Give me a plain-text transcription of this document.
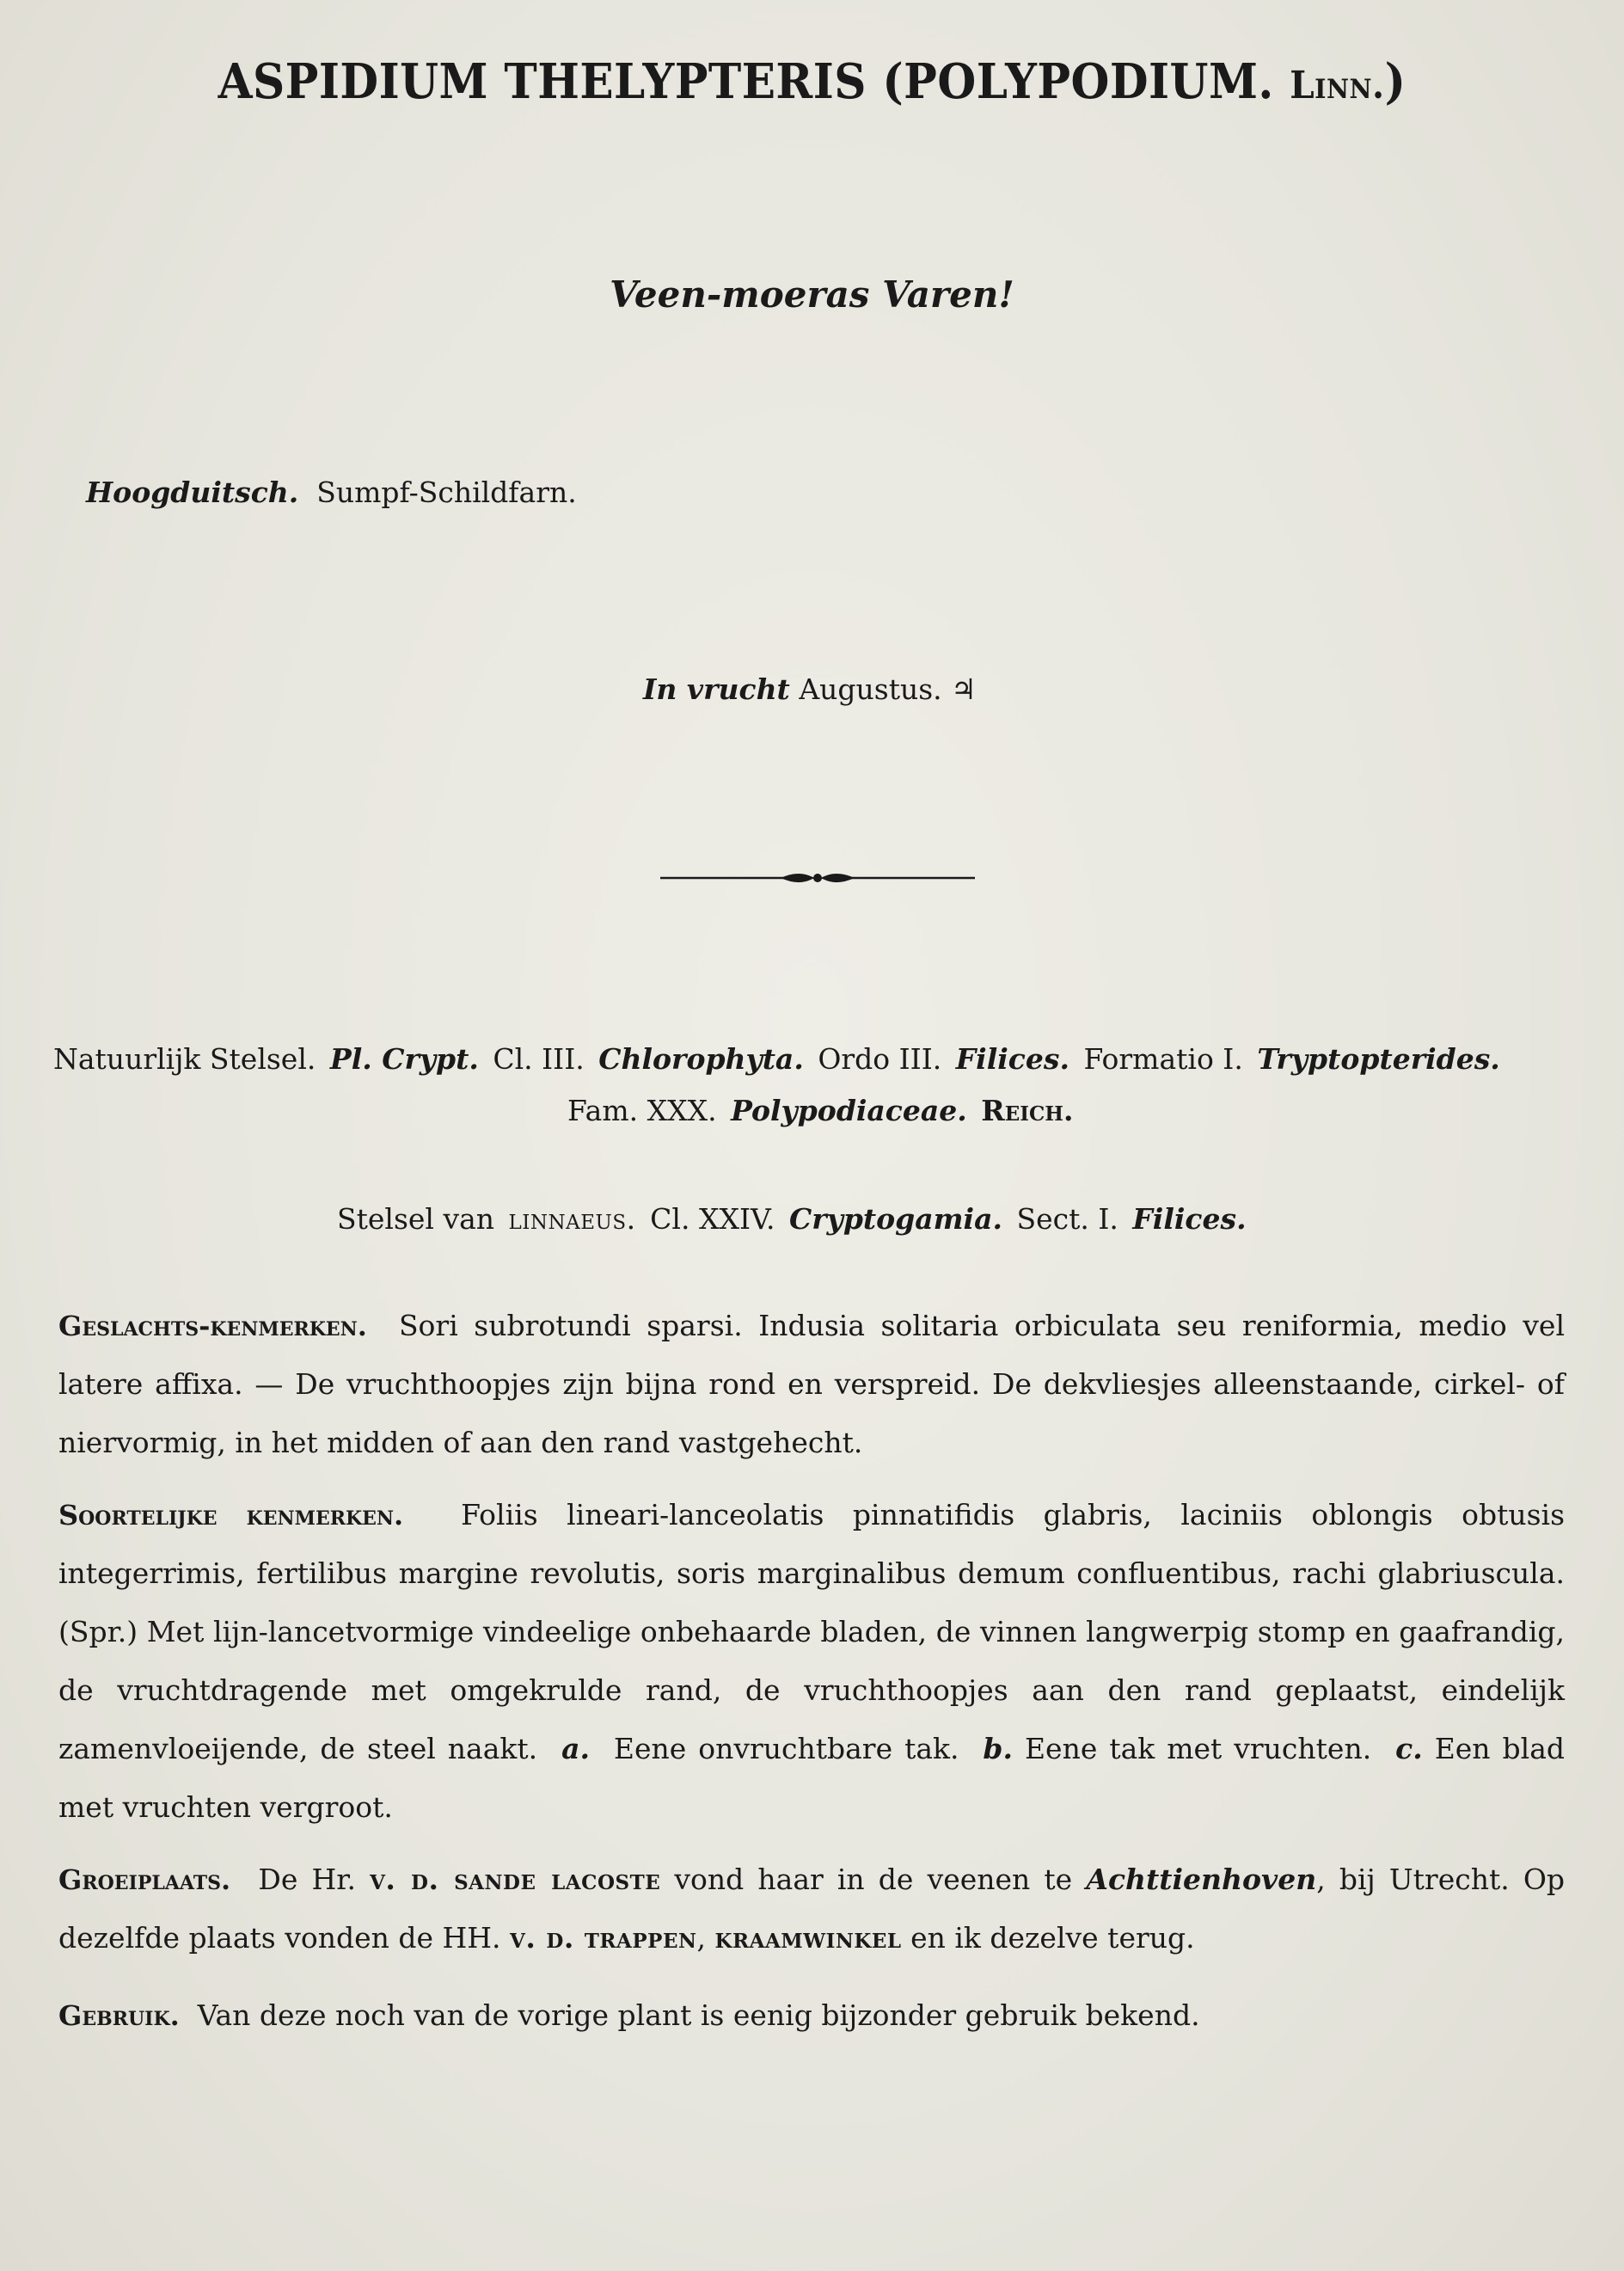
ASPIDIUM THELYPTERIS (POLYPODIUM. Linn.)
Veen-moeras Varen!
Hoogduitsch. Sumpf-Schildfarn.
In vrucht Augustus. ♃
Natuurlijk Stelsel.  Pl. Crypt.  Cl. III.  Chlorophyta.  Ordo III.  Filices.  Formatio I.  Tryptopterides.
Fam. XXX.  Polypodiaceae.  Reich.
Stelsel van  linnaeus.  Cl. XXIV.  Cryptogamia.  Sect. I.  Filices.
Geslachts-kenmerken. Sori subrotundi sparsi. Indusia solitaria orbiculata seu reniformia, medio vel latere affixa. — De vruchthoopjes zijn bijna rond en verspreid. De dekvliesjes alleenstaande, cirkel- of niervormig, in het midden of aan den rand vastgehecht.
Soortelijke kenmerken. Foliis lineari-lanceolatis pinnatifidis glabris, laciniis oblongis obtusis integerrimis, fertilibus margine revolutis, soris marginalibus demum confluentibus, rachi glabriuscula. (Spr.) Met lijn-lancetvormige vindeelige onbehaarde bladen, de vinnen langwerpig stomp en gaafrandig, de vruchtdragende met omgekrulde rand, de vruchthoopjes aan den rand geplaatst, eindelijk zamenvloeijende, de steel naakt. a. Eene onvruchtbare tak. b. Eene tak met vruchten. c. Een blad met vruchten vergroot.
Groeiplaats. De Hr. v. d. sande lacoste vond haar in de veenen te Achttienhoven, bij Utrecht. Op dezelfde plaats vonden de HH. v. d. trappen, kraamwinkel en ik dezelve terug.
Gebruik. Van deze noch van de vorige plant is eenig bijzonder gebruik bekend.
